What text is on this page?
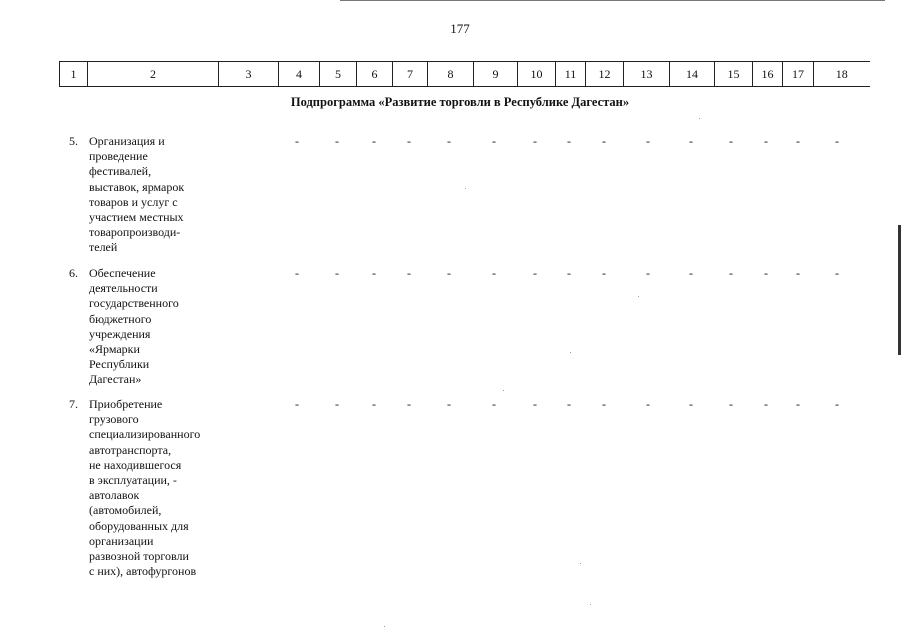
177
1	2	3	4	5	6	7	8	9	10	11	12	13	14	15	16	17	18
Подпрограмма «Развитие торговли в Республике Дагестан»
5. Организация и
проведение
фестивалей,
выставок, ярмарок
товаров и услуг с
участием местных
товаропроизводи-
телей
-	-	-	-	-	-	-	-	-	-	-	-	- -	-
6. Обеспечение
деятельности
государственного
бюджетного
учреждения
«Ярмарки
Республики
Дагестан»
-	-	-	-	-	-	-	-	-	-	-	-	- -	-
7. Приобретение
грузового
специализированного
автотранспорта,
не находившегося
в эксплуатации, -
автолавок
(автомобилей,
оборудованных для
организации
развозной торговли
с них), автофургонов
-	-	-	-	-	-	-	-	-	-	-	-	- -	-
